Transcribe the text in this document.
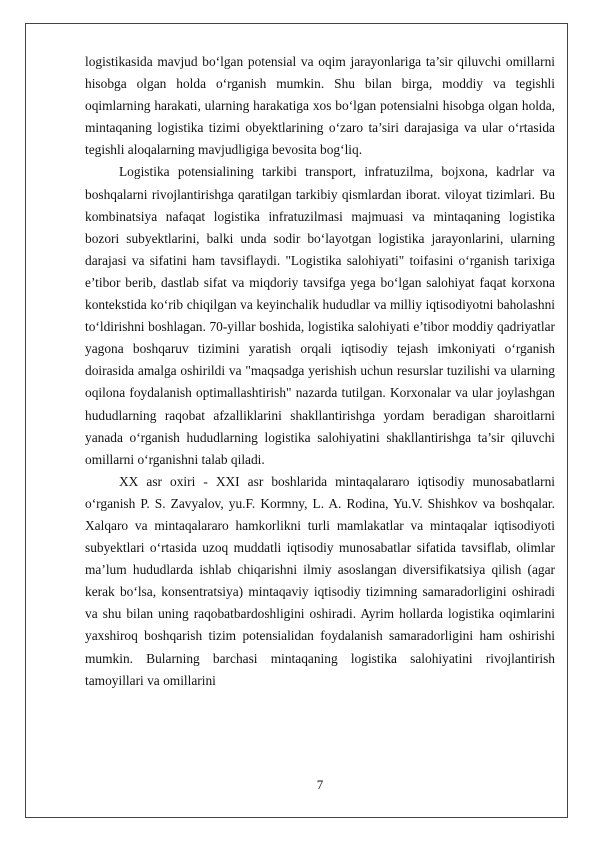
logistikasida mavjud bo‘lgan potensial va oqim jarayonlariga ta’sir qiluvchi omillarni hisobga olgan holda o‘rganish mumkin. Shu bilan birga, moddiy va tegishli oqimlarning harakati, ularning harakatiga xos bo‘lgan potensialni hisobga olgan holda, mintaqaning logistika tizimi obyektlarining o‘zaro ta’siri darajasiga va ular o‘rtasida tegishli aloqalarning mavjudligiga bevosita bog‘liq.

Logistika potensialining tarkibi transport, infratuzilma, bojxona, kadrlar va boshqalarni rivojlantirishga qaratilgan tarkibiy qismlardan iborat. viloyat tizimlari. Bu kombinatsiya nafaqat logistika infratuzilmasi majmuasi va mintaqaning logistika bozori subyektlarini, balki unda sodir bo‘layotgan logistika jarayonlarini, ularning darajasi va sifatini ham tavsiflaydi. "Logistika salohiyati" toifasini o‘rganish tarixiga e’tibor berib, dastlab sifat va miqdoriy tavsifga yega bo‘lgan salohiyat faqat korxona kontekstida ko‘rib chiqilgan va keyinchalik hududlar va milliy iqtisodiyotni baholashni to‘ldirishni boshlagan. 70-yillar boshida, logistika salohiyati e’tibor moddiy qadriyatlar yagona boshqaruv tizimini yaratish orqali iqtisodiy tejash imkoniyati o‘rganish doirasida amalga oshirildi va "maqsadga yerishish uchun resurslar tuzilishi va ularning oqilona foydalanish optimallashtirish" nazarda tutilgan. Korxonalar va ular joylashgan hududlarning raqobat afzalliklarini shakllantirishga yordam beradigan sharoitlarni yanada o‘rganish hududlarning logistika salohiyatini shakllantirishga ta’sir qiluvchi omillarni o‘rganishni talab qiladi.

XX asr oxiri - XXI asr boshlarida mintaqalararo iqtisodiy munosabatlarni o‘rganish P. S. Zavyalov, yu.F. Kormny, L. A. Rodina, Yu.V. Shishkov va boshqalar. Xalqaro va mintaqalararo hamkorlikni turli mamlakatlar va mintaqalar iqtisodiyoti subyektlari o‘rtasida uzoq muddatli iqtisodiy munosabatlar sifatida tavsiflab, olimlar ma’lum hududlarda ishlab chiqarishni ilmiy asoslangan diversifikatsiya qilish (agar kerak bo‘lsa, konsentratsiya) mintaqaviy iqtisodiy tizimning samaradorligini oshiradi va shu bilan uning raqobatbardoshligini oshiradi. Ayrim hollarda logistika oqimlarini yaxshiroq boshqarish tizim potensialidan foydalanish samaradorligini ham oshirishi mumkin. Bularning barchasi mintaqaning logistika salohiyatini rivojlantirish tamoyillari va omillarini

7
